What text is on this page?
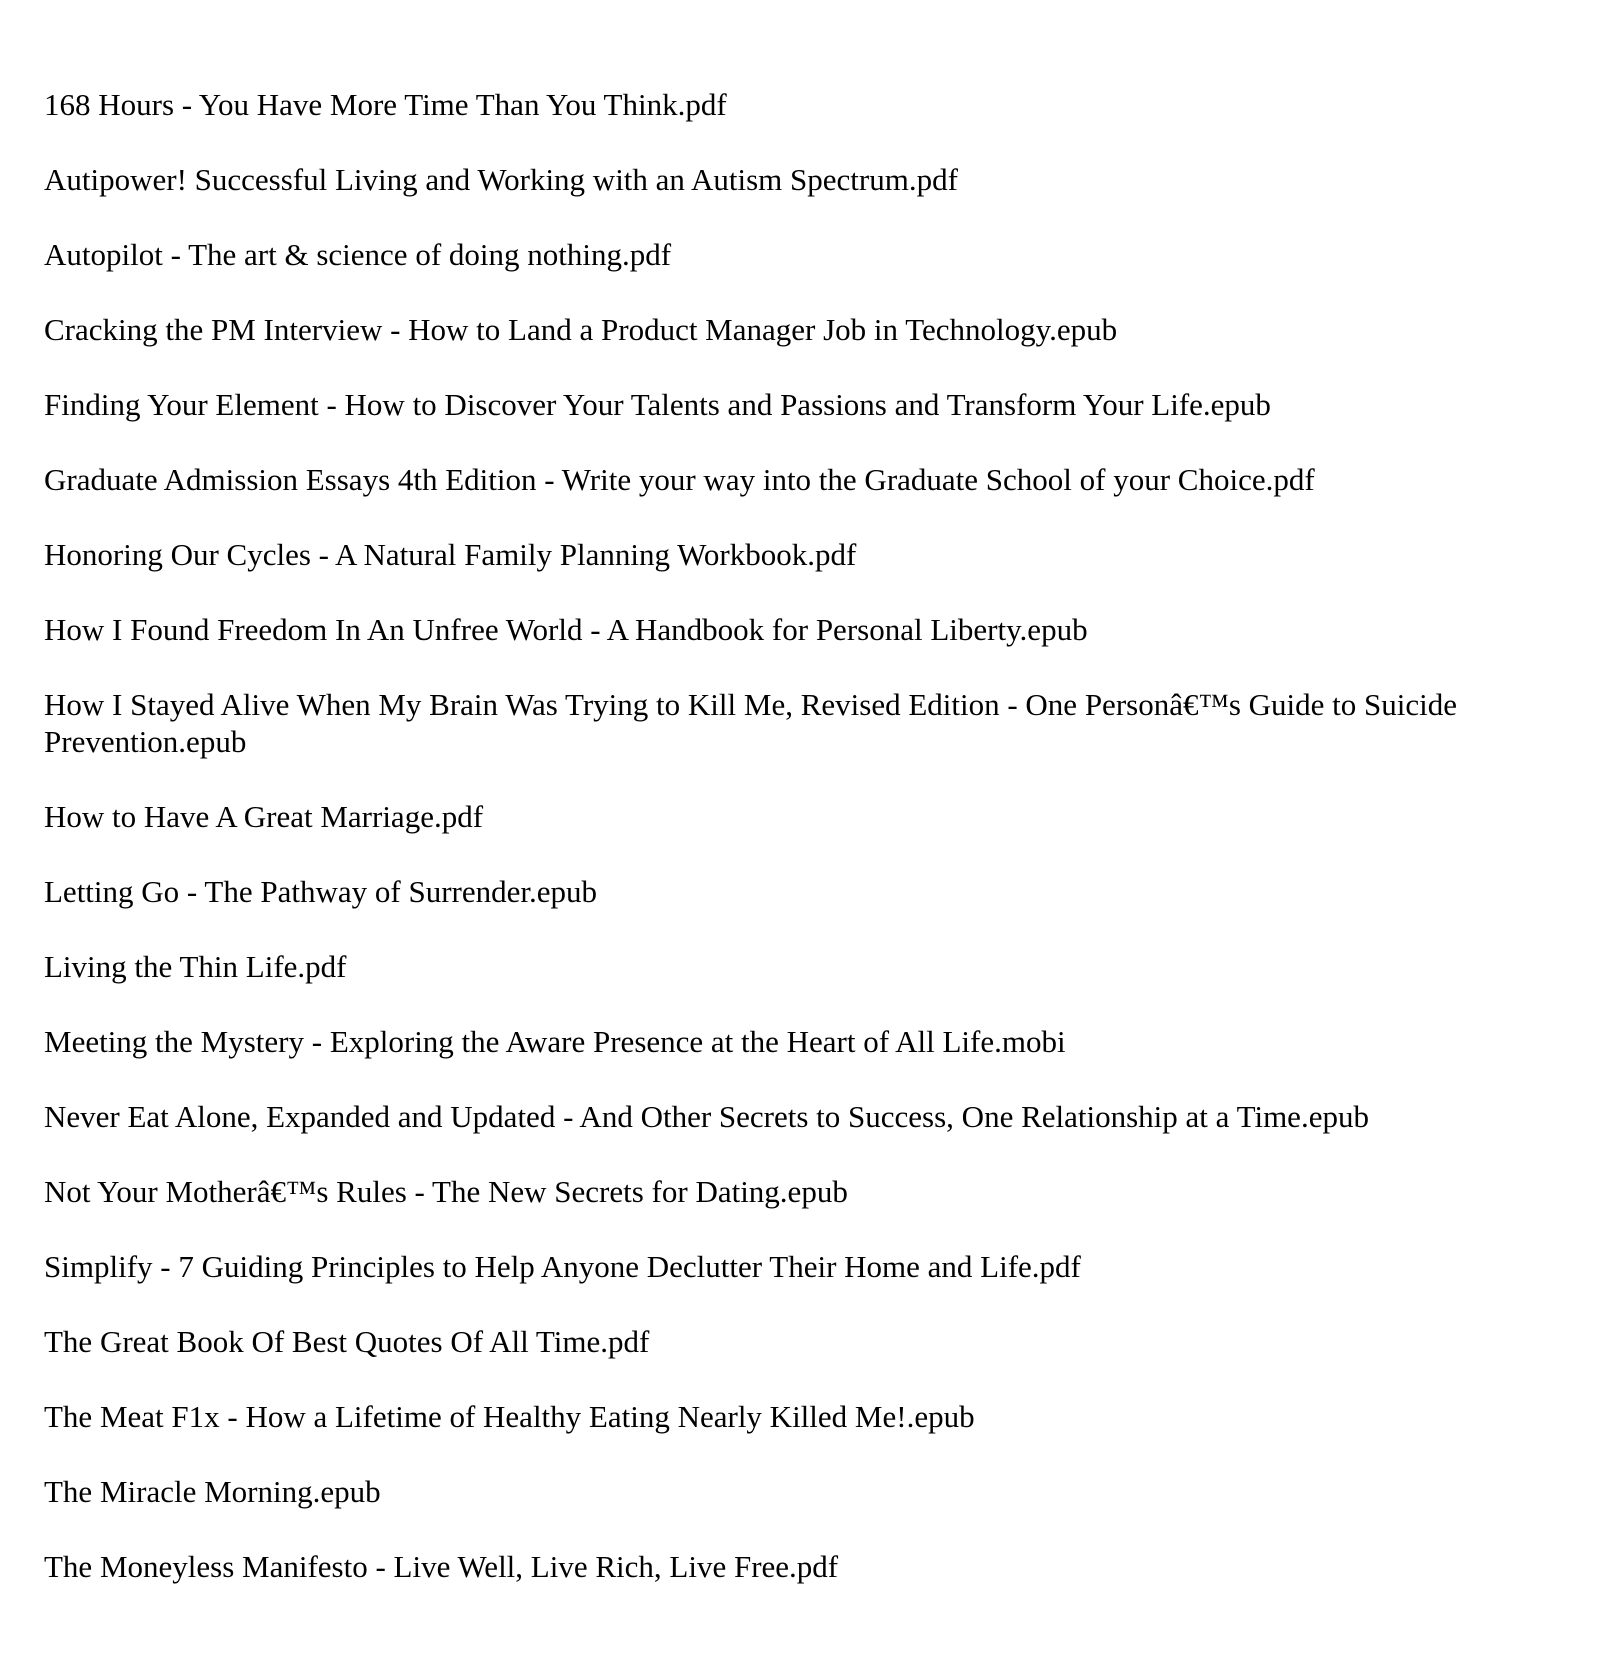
168 Hours - You Have More Time Than You Think.pdf
Autipower! Successful Living and Working with an Autism Spectrum.pdf
Autopilot - The art & science of doing nothing.pdf
Cracking the PM Interview - How to Land a Product Manager Job in Technology.epub
Finding Your Element - How to Discover Your Talents and Passions and Transform Your Life.epub
Graduate Admission Essays 4th Edition - Write your way into the Graduate School of your Choice.pdf
Honoring Our Cycles - A Natural Family Planning Workbook.pdf
How I Found Freedom In An Unfree World - A Handbook for Personal Liberty.epub
How I Stayed Alive When My Brain Was Trying to Kill Me, Revised Edition - One Personâ€™s Guide to Suicide Prevention.epub
How to Have A Great Marriage.pdf
Letting Go - The Pathway of Surrender.epub
Living the Thin Life.pdf
Meeting the Mystery - Exploring the Aware Presence at the Heart of All Life.mobi
Never Eat Alone, Expanded and Updated - And Other Secrets to Success, One Relationship at a Time.epub
Not Your Motherâ€™s Rules - The New Secrets for Dating.epub
Simplify - 7 Guiding Principles to Help Anyone Declutter Their Home and Life.pdf
The Great Book Of Best Quotes Of All Time.pdf
The Meat F1x - How a Lifetime of Healthy Eating Nearly Killed Me!.epub
The Miracle Morning.epub
The Moneyless Manifesto - Live Well, Live Rich, Live Free.pdf
